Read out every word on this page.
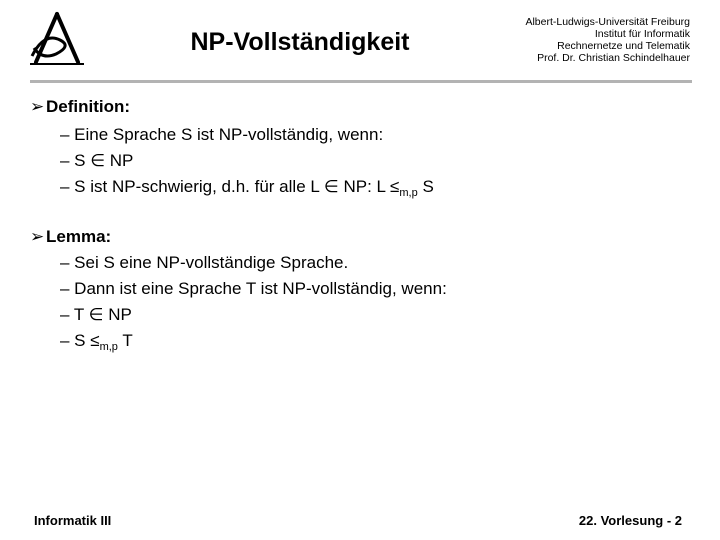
NP-Vollständigkeit
Albert-Ludwigs-Universität Freiburg
Institut für Informatik
Rechnernetze und Telematik
Prof. Dr. Christian Schindelhauer
➢ Definition:
– Eine Sprache S ist NP-vollständig, wenn:
– S ∈ NP
– S ist NP-schwierig, d.h. für alle L ∈ NP: $L \le_{m,p}$ S
➢ Lemma:
– Sei S eine NP-vollständige Sprache.
– Dann ist eine Sprache T ist NP-vollständig, wenn:
– T ∈ NP
– $S \le_{m,p}$ T
Informatik III	22. Vorlesung - 2
